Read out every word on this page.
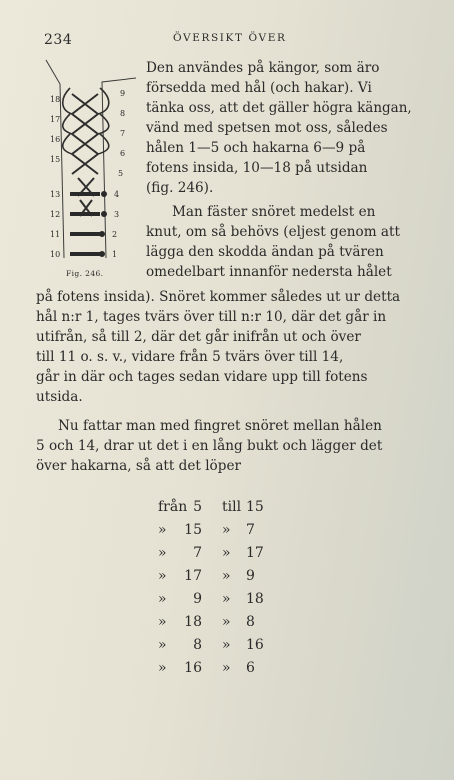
234	ÖVERSIKT ÖVER
18
17
16
15
13
12
11
10
9
8
7
6
5
4
3
2
1
Fig. 246.
Den användes på kängor, som äro
försedda med hål (och hakar). Vi
tänka oss, att det gäller högra kängan,
vänd med spetsen mot oss, således
hålen 1—5 och hakarna 6—9 på
fotens insida, 10—18 på utsidan
(fig. 246).
Man fäster snöret medelst en
knut, om så behövs (eljest genom att
lägga den skodda ändan på tvären
omedelbart innanför nedersta hålet
på fotens insida). Snöret kommer således ut ur detta
hål n:r 1, tages tvärs över till n:r 10, där det går in
utifrån, så till 2, där det går inifrån ut och över
till 11 o. s. v., vidare från 5 tvärs över till 14,
går in där och tages sedan vidare upp till fotens
utsida.
Nu fattar man med fingret snöret mellan hålen
5 och 14, drar ut det i en lång bukt och lägger det
över hakarna, så att det löper
från 5 till 15
» 15 » 7
» 7 » 17
» 17 » 9
» 9 » 18
» 18 » 8
» 8 » 16
» 16 » 6
